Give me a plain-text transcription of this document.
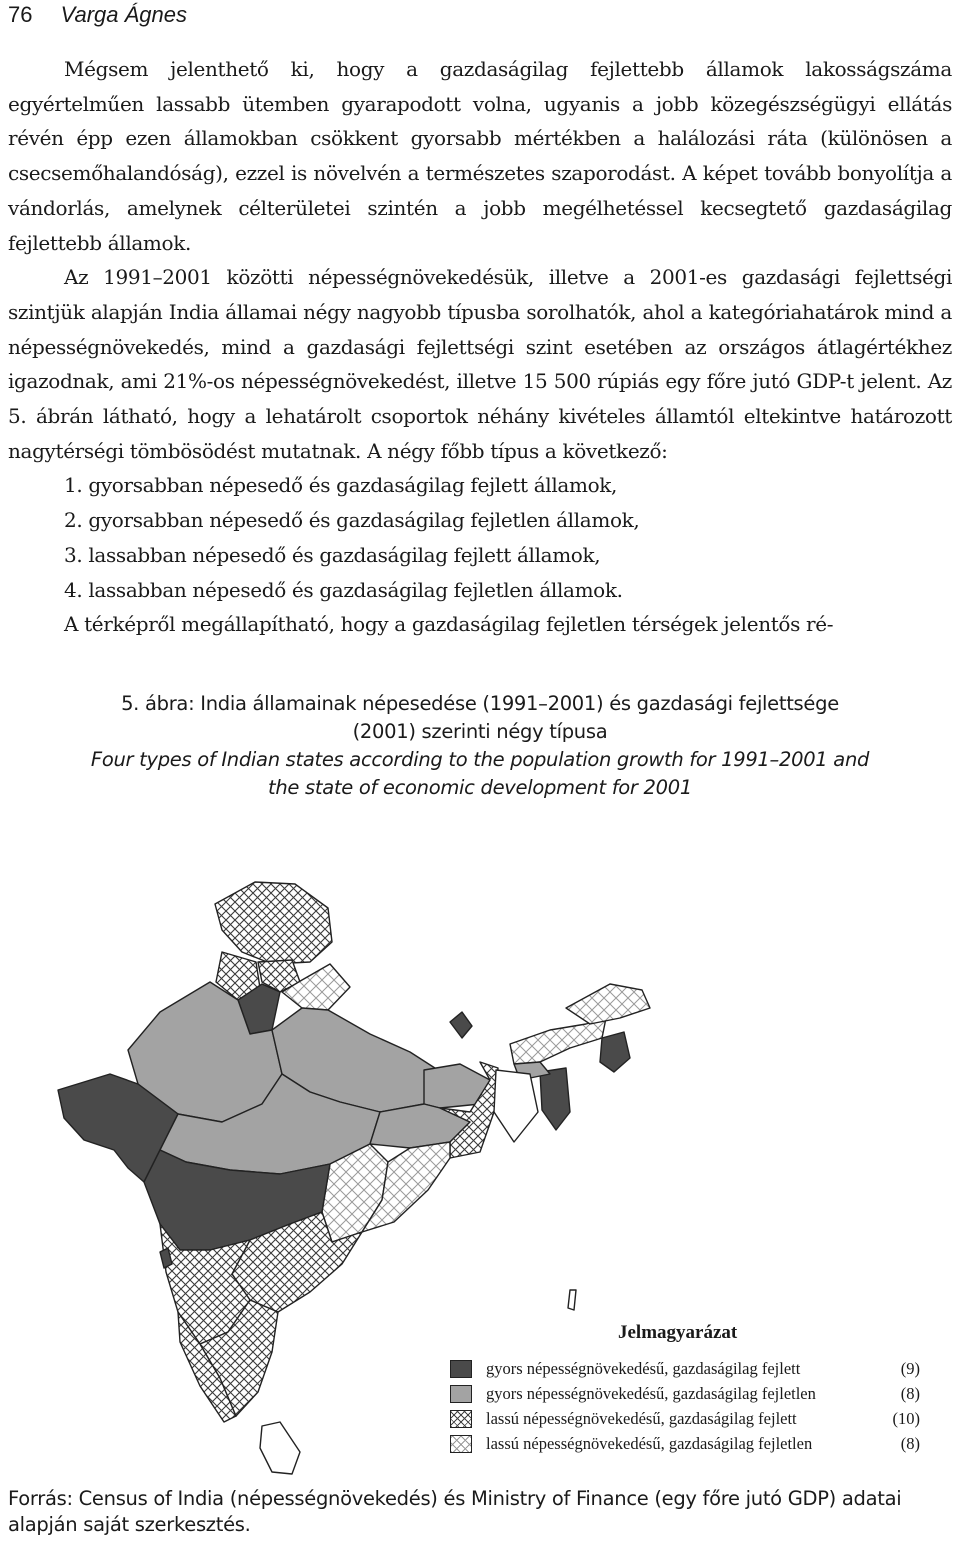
76 Varga Ágnes

Mégsem jelenthető ki, hogy a gazdaságilag fejlettebb államok lakosságszáma egyértelműen lassabb ütemben gyarapodott volna, ugyanis a jobb közegészségügyi ellátás révén épp ezen államokban csökkent gyorsabb mértékben a halálozási ráta (különösen a csecsemőhalandóság), ezzel is növelvén a természetes szaporodást. A képet tovább bonyolítja a vándorlás, amelynek célterületei szintén a jobb megélhetéssel kecsegtető gazdaságilag fejlettebb államok.

Az 1991–2001 közötti népességnövekedésük, illetve a 2001-es gazdasági fejlettségi szintjük alapján India államai négy nagyobb típusba sorolhatók, ahol a kategóriahatárok mind a népességnövekedés, mind a gazdasági fejlettségi szint esetében az országos átlagértékhez igazodnak, ami 21%-os népességnövekedést, illetve 15 500 rúpiás egy főre jutó GDP-t jelent. Az 5. ábrán látható, hogy a lehatárolt csoportok néhány kivételes államtól eltekintve határozott nagytérségi tömbösödést mutatnak. A négy főbb típus a következő:

1. gyorsabban népesedő és gazdaságilag fejlett államok,
2. gyorsabban népesedő és gazdaságilag fejletlen államok,
3. lassabban népesedő és gazdaságilag fejlett államok,
4. lassabban népesedő és gazdaságilag fejletlen államok.

A térképről megállapítható, hogy a gazdaságilag fejletlen térségek jelentős ré-

5. ábra: India államainak népesedése (1991–2001) és gazdasági fejlettsége
(2001) szerinti négy típusa
Four types of Indian states according to the population growth for 1991–2001 and
the state of economic development for 2001
Jelmagyarázat
gyors népességnövekedésű, gazdaságilag fejlett	(9)
gyors népességnövekedésű, gazdaságilag fejletlen	(8)
lassú népességnövekedésű, gazdaságilag fejlett	(10)
lassú népességnövekedésű, gazdaságilag fejletlen	(8)
Forrás: Census of India (népességnövekedés) és Ministry of Finance (egy főre jutó GDP) adatai alapján saját szerkesztés.
